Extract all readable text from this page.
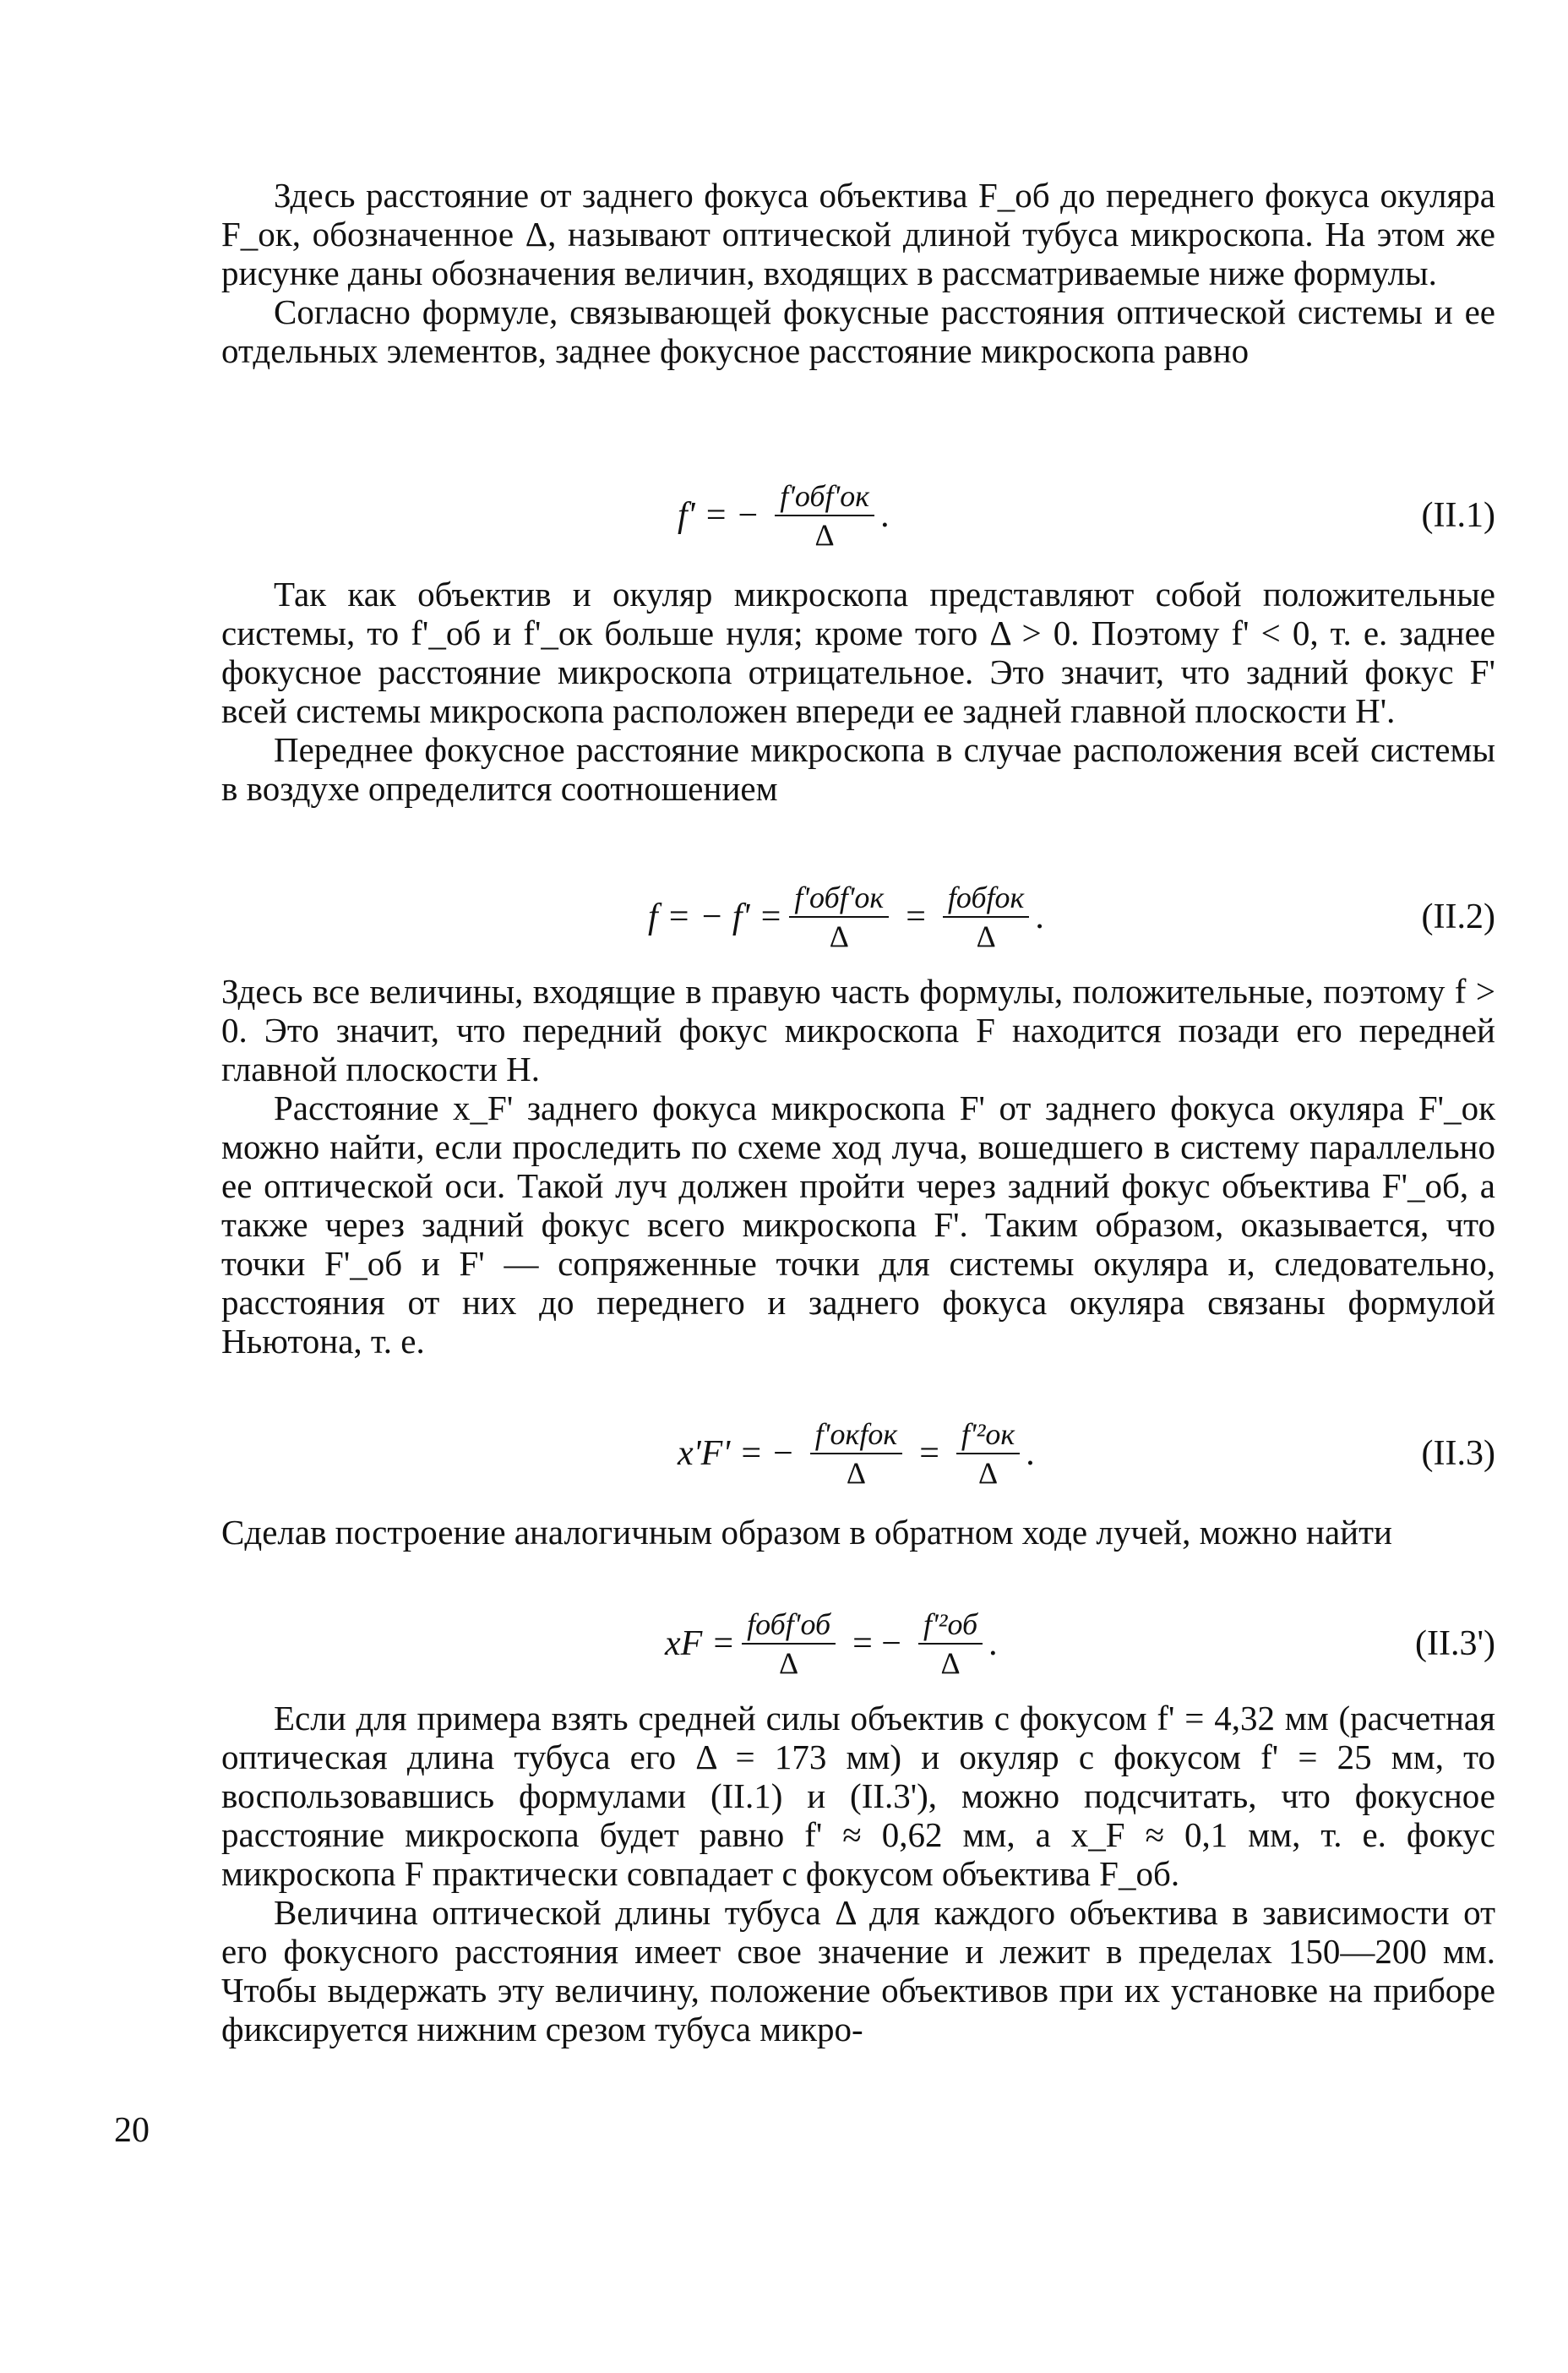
Здесь расстояние от заднего фокуса объектива F_об до переднего фокуса окуляра F_ок, обозначенное Δ, называют оптической длиной тубуса микроскопа. На этом же рисунке даны обозначения величин, входящих в рассматриваемые ниже формулы.

Согласно формуле, связывающей фокусные расстояния оптической системы и ее отдельных элементов, заднее фокусное расстояние микроскопа равно

f' = − $\frac{\text{f'обf'ок}}{\Delta}$ .	(II.1)

Так как объектив и окуляр микроскопа представляют собой положительные системы, то f'_об и f'_ок больше нуля; кроме того Δ > 0. Поэтому f' < 0, т. е. заднее фокусное расстояние микроскопа отрицательное. Это значит, что задний фокус F' всей системы микроскопа расположен впереди ее задней главной плоскости H'.

Переднее фокусное расстояние микроскопа в случае расположения всей системы в воздухе определится соотношением

f = − $f' = \frac{\text{f'обf'ок}}{\Delta} = \frac{\text{fобfок}}{\Delta}$ .	(II.2)

Здесь все величины, входящие в правую часть формулы, положительные, поэтому f > 0. Это значит, что передний фокус микроскопа F находится позади его передней главной плоскости H.

Расстояние x_F' заднего фокуса микроскопа F' от заднего фокуса окуляра F'_ок можно найти, если проследить по схеме ход луча, вошедшего в систему параллельно ее оптической оси. Такой луч должен пройти через задний фокус объектива F'_об, а также через задний фокус всего микроскопа F'. Таким образом, оказывается, что точки F'_об и F' — сопряженные точки для системы окуляра и, следовательно, расстояния от них до переднего и заднего фокуса окуляра связаны формулой Ньютона, т. е.

x'F' = − $\frac{\text{f'окfок}}{\Delta} = \frac{\text{f'²ок}}{\Delta}$ .	(II.3)

Сделав построение аналогичным образом в обратном ходе лучей, можно найти

xF = $\frac{\text{fобf'об}}{\Delta}$ = − $\frac{\text{f'²об}}{\Delta}$ .	(II.3')

Если для примера взять средней силы объектив с фокусом f' = 4,32 мм (расчетная оптическая длина тубуса его Δ = 173 мм) и окуляр с фокусом f' = 25 мм, то воспользовавшись формулами (II.1) и (II.3'), можно подсчитать, что фокусное расстояние микроскопа будет равно f' ≈ 0,62 мм, а x_F ≈ 0,1 мм, т. е. фокус микроскопа F практически совпадает с фокусом объектива F_об.

Величина оптической длины тубуса Δ для каждого объектива в зависимости от его фокусного расстояния имеет свое значение и лежит в пределах 150—200 мм. Чтобы выдержать эту величину, положение объективов при их установке на приборе фиксируется нижним срезом тубуса микро-

20
